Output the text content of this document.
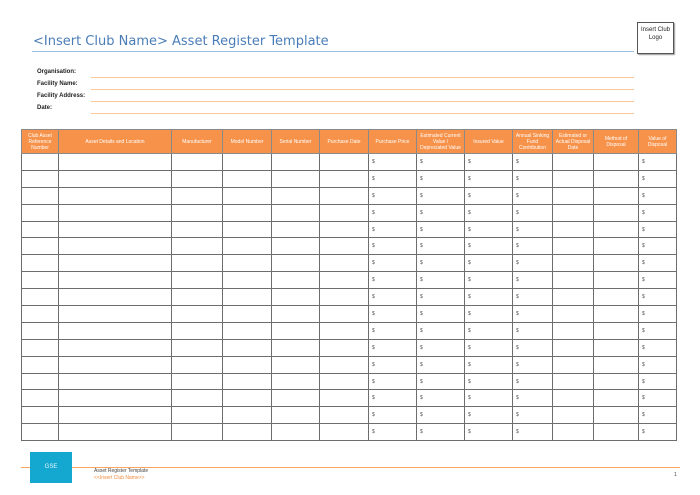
<Insert Club Name> Asset Register Template
Insert Club Logo
Organisation:
Facility Name:
Facility Address:
Date:
Club Asset Reference Number	Asset Details and Location	Manufacturer	Model Number	Serial Number	Purchase Date	Purchase Price	Estimated Current Value / Depreciated Value	Insured Value	Annual Sinking Fund Contribution	Estimated or Actual Disposal Date	Method of Disposal	Value of Disposal
						$	$	$	$			$
						$	$	$	$			$
						$	$	$	$			$
						$	$	$	$			$
						$	$	$	$			$
						$	$	$	$			$
						$	$	$	$			$
						$	$	$	$			$
						$	$	$	$			$
						$	$	$	$			$
						$	$	$	$			$
						$	$	$	$			$
						$	$	$	$			$
						$	$	$	$			$
						$	$	$	$			$
						$	$	$	$			$
						$	$	$	$			$
GSE
Asset Register Template
<<Insert Club Name>>	1
